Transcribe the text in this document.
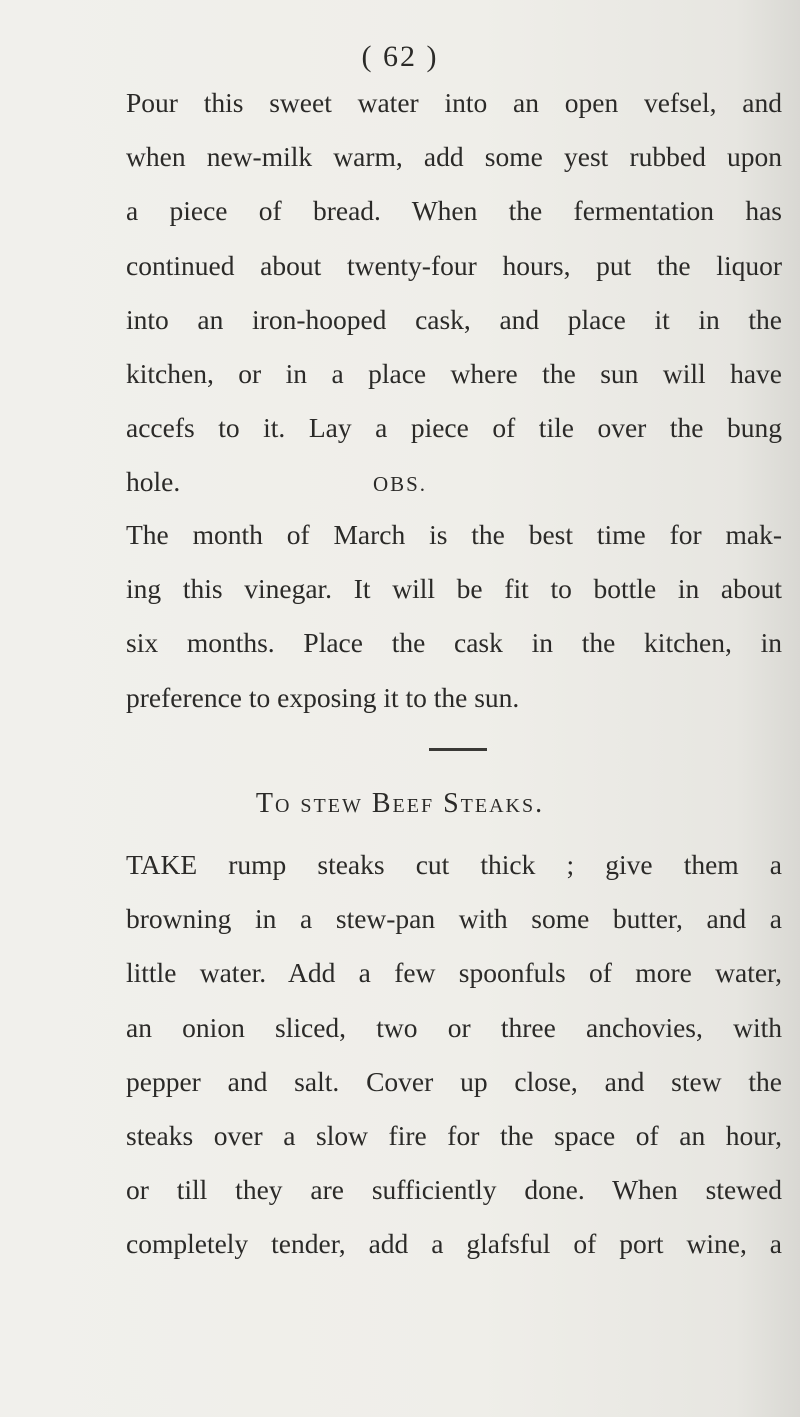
( 62 )
Pour this sweet water into an open vefsel, and
when new-milk warm, add some yest rubbed upon
a piece of bread. When the fermentation has
continued about twenty-four hours, put the liquor
into an iron-hooped cask, and place it in the
kitchen, or in a place where the sun will have
accefs to it. Lay a piece of tile over the bung
hole.	OBS.
The month of March is the best time for mak-
ing this vinegar. It will be fit to bottle in about
six months. Place the cask in the kitchen, in
preference to exposing it to the sun.
To stew Beef Steaks.
TAKE rump steaks cut thick ; give them a
browning in a stew-pan with some butter, and a
little water. Add a few spoonfuls of more water,
an onion sliced, two or three anchovies, with
pepper and salt. Cover up close, and stew the
steaks over a slow fire for the space of an hour,
or till they are sufficiently done. When stewed
completely tender, add a glafsful of port wine, a
